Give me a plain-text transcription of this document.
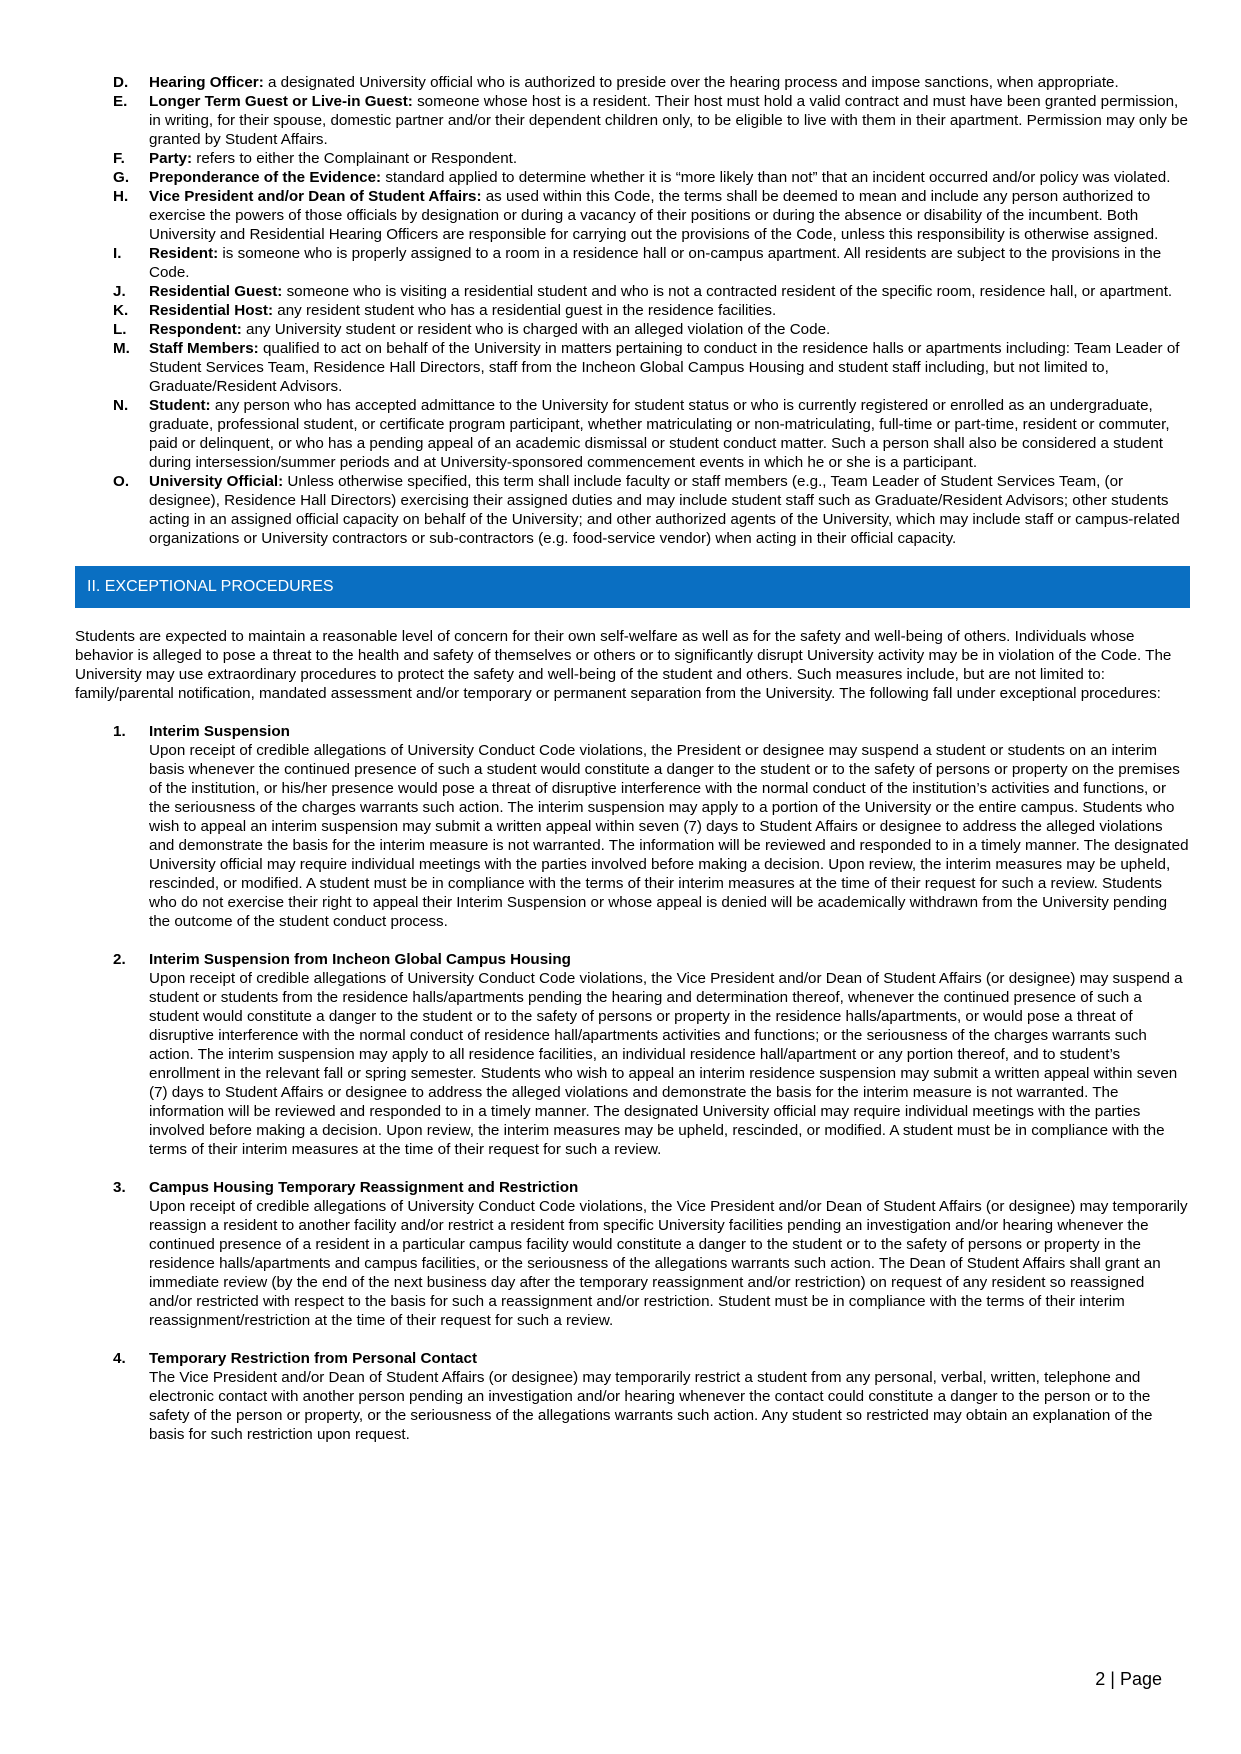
D. Hearing Officer: a designated University official who is authorized to preside over the hearing process and impose sanctions, when appropriate.
E. Longer Term Guest or Live-in Guest: someone whose host is a resident. Their host must hold a valid contract and must have been granted permission, in writing, for their spouse, domestic partner and/or their dependent children only, to be eligible to live with them in their apartment. Permission may only be granted by Student Affairs.
F. Party: refers to either the Complainant or Respondent.
G. Preponderance of the Evidence: standard applied to determine whether it is “more likely than not” that an incident occurred and/or policy was violated.
H. Vice President and/or Dean of Student Affairs: as used within this Code, the terms shall be deemed to mean and include any person authorized to exercise the powers of those officials by designation or during a vacancy of their positions or during the absence or disability of the incumbent. Both University and Residential Hearing Officers are responsible for carrying out the provisions of the Code, unless this responsibility is otherwise assigned.
I. Resident: is someone who is properly assigned to a room in a residence hall or on-campus apartment. All residents are subject to the provisions in the Code.
J. Residential Guest: someone who is visiting a residential student and who is not a contracted resident of the specific room, residence hall, or apartment.
K. Residential Host: any resident student who has a residential guest in the residence facilities.
L. Respondent: any University student or resident who is charged with an alleged violation of the Code.
M. Staff Members: qualified to act on behalf of the University in matters pertaining to conduct in the residence halls or apartments including: Team Leader of Student Services Team, Residence Hall Directors, staff from the Incheon Global Campus Housing and student staff including, but not limited to, Graduate/Resident Advisors.
N. Student: any person who has accepted admittance to the University for student status or who is currently registered or enrolled as an undergraduate, graduate, professional student, or certificate program participant, whether matriculating or non-matriculating, full-time or part-time, resident or commuter, paid or delinquent, or who has a pending appeal of an academic dismissal or student conduct matter. Such a person shall also be considered a student during intersession/summer periods and at University-sponsored commencement events in which he or she is a participant.
O. University Official: Unless otherwise specified, this term shall include faculty or staff members (e.g., Team Leader of Student Services Team, (or designee), Residence Hall Directors) exercising their assigned duties and may include student staff such as Graduate/Resident Advisors; other students acting in an assigned official capacity on behalf of the University; and other authorized agents of the University, which may include staff or campus-related organizations or University contractors or sub-contractors (e.g. food-service vendor) when acting in their official capacity.
II. EXCEPTIONAL PROCEDURES
Students are expected to maintain a reasonable level of concern for their own self-welfare as well as for the safety and well-being of others. Individuals whose behavior is alleged to pose a threat to the health and safety of themselves or others or to significantly disrupt University activity may be in violation of the Code. The University may use extraordinary procedures to protect the safety and well-being of the student and others. Such measures include, but are not limited to: family/parental notification, mandated assessment and/or temporary or permanent separation from the University. The following fall under exceptional procedures:
1. Interim Suspension
Upon receipt of credible allegations of University Conduct Code violations, the President or designee may suspend a student or students on an interim basis whenever the continued presence of such a student would constitute a danger to the student or to the safety of persons or property on the premises of the institution, or his/her presence would pose a threat of disruptive interference with the normal conduct of the institution’s activities and functions, or the seriousness of the charges warrants such action. The interim suspension may apply to a portion of the University or the entire campus. Students who wish to appeal an interim suspension may submit a written appeal within seven (7) days to Student Affairs or designee to address the alleged violations and demonstrate the basis for the interim measure is not warranted. The information will be reviewed and responded to in a timely manner. The designated University official may require individual meetings with the parties involved before making a decision. Upon review, the interim measures may be upheld, rescinded, or modified. A student must be in compliance with the terms of their interim measures at the time of their request for such a review. Students who do not exercise their right to appeal their Interim Suspension or whose appeal is denied will be academically withdrawn from the University pending the outcome of the student conduct process.
2. Interim Suspension from Incheon Global Campus Housing
Upon receipt of credible allegations of University Conduct Code violations, the Vice President and/or Dean of Student Affairs (or designee) may suspend a student or students from the residence halls/apartments pending the hearing and determination thereof, whenever the continued presence of such a student would constitute a danger to the student or to the safety of persons or property in the residence halls/apartments, or would pose a threat of disruptive interference with the normal conduct of residence hall/apartments activities and functions; or the seriousness of the charges warrants such action. The interim suspension may apply to all residence facilities, an individual residence hall/apartment or any portion thereof, and to student’s enrollment in the relevant fall or spring semester. Students who wish to appeal an interim residence suspension may submit a written appeal within seven (7) days to Student Affairs or designee to address the alleged violations and demonstrate the basis for the interim measure is not warranted. The information will be reviewed and responded to in a timely manner. The designated University official may require individual meetings with the parties involved before making a decision. Upon review, the interim measures may be upheld, rescinded, or modified. A student must be in compliance with the terms of their interim measures at the time of their request for such a review.
3. Campus Housing Temporary Reassignment and Restriction
Upon receipt of credible allegations of University Conduct Code violations, the Vice President and/or Dean of Student Affairs (or designee) may temporarily reassign a resident to another facility and/or restrict a resident from specific University facilities pending an investigation and/or hearing whenever the continued presence of a resident in a particular campus facility would constitute a danger to the student or to the safety of persons or property in the residence halls/apartments and campus facilities, or the seriousness of the allegations warrants such action. The Dean of Student Affairs shall grant an immediate review (by the end of the next business day after the temporary reassignment and/or restriction) on request of any resident so reassigned and/or restricted with respect to the basis for such a reassignment and/or restriction. Student must be in compliance with the terms of their interim reassignment/restriction at the time of their request for such a review.
4. Temporary Restriction from Personal Contact
The Vice President and/or Dean of Student Affairs (or designee) may temporarily restrict a student from any personal, verbal, written, telephone and electronic contact with another person pending an investigation and/or hearing whenever the contact could constitute a danger to the person or to the safety of the person or property, or the seriousness of the allegations warrants such action. Any student so restricted may obtain an explanation of the basis for such restriction upon request.
2 | Page
